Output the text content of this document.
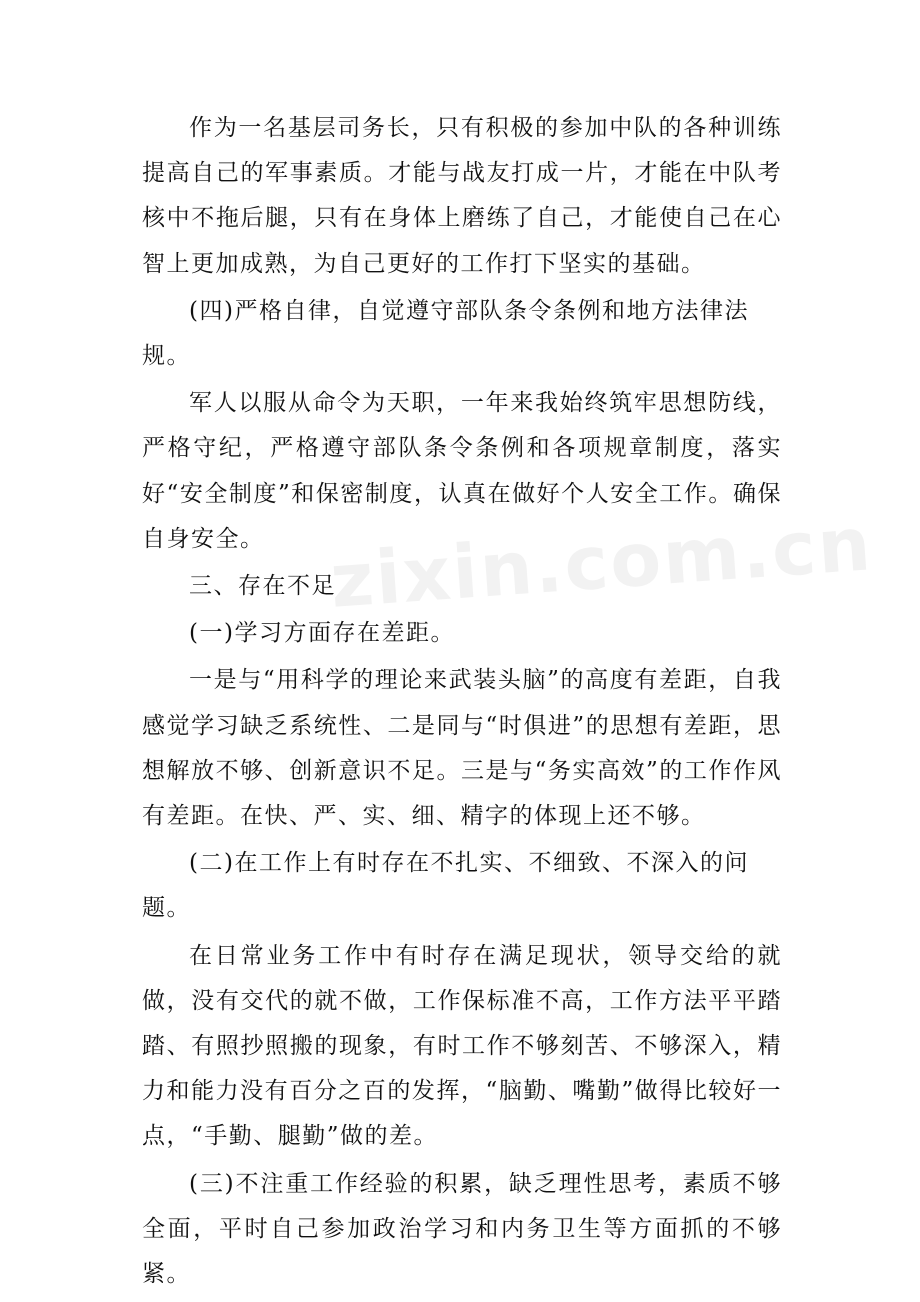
作为一名基层司务长，只有积极的参加中队的各种训练提高自己的军事素质。才能与战友打成一片，才能在中队考核中不拖后腿，只有在身体上磨练了自己，才能使自己在心智上更加成熟，为自己更好的工作打下坚实的基础。

(四)严格自律，自觉遵守部队条令条例和地方法律法规。

军人以服从命令为天职，一年来我始终筑牢思想防线，严格守纪，严格遵守部队条令条例和各项规章制度，落实好“安全制度”和保密制度，认真在做好个人安全工作。确保自身安全。

三、存在不足

(一)学习方面存在差距。

一是与“用科学的理论来武装头脑”的高度有差距，自我感觉学习缺乏系统性、二是同与“时俱进”的思想有差距，思想解放不够、创新意识不足。三是与“务实高效”的工作作风有差距。在快、严、实、细、精字的体现上还不够。

(二)在工作上有时存在不扎实、不细致、不深入的问题。

在日常业务工作中有时存在满足现状，领导交给的就做，没有交代的就不做，工作保标准不高，工作方法平平踏踏、有照抄照搬的现象，有时工作不够刻苦、不够深入，精力和能力没有百分之百的发挥，“脑勤、嘴勤”做得比较好一点，“手勤、腿勤”做的差。

(三)不注重工作经验的积累，缺乏理性思考，素质不够全面，平时自己参加政治学习和内务卫生等方面抓的不够紧。

zixin.com.cn
